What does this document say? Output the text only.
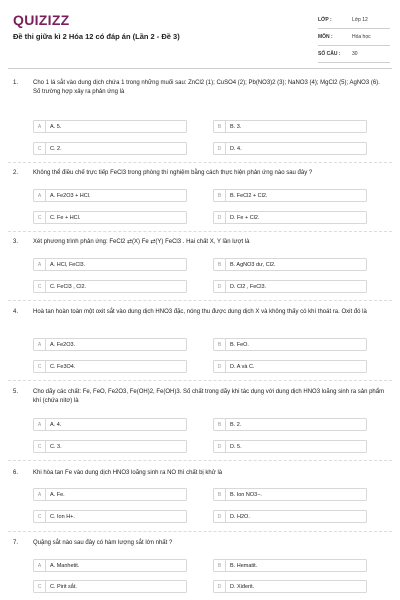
QUIZIZZ
Đề thi giữa kì 2 Hóa 12 có đáp án (Lần 2 - Đề 3)
LỚP :	Lớp 12
MÔN :	Hóa học
SỐ CÂU :	30
1. Cho 1 lá sắt vào dung dịch chứa 1 trong những muối sau: ZnCl2 (1); CuSO4 (2); Pb(NO3)2 (3); NaNO3 (4); MgCl2 (5); AgNO3 (6). Số trường hợp xảy ra phản ứng là
A	A. 5.	B	B. 3.
C	C. 2.	D	D. 4.
2. Không thể điều chế trực tiếp FeCl3 trong phòng thí nghiệm bằng cách thực hiện phản ứng nào sau đây ?
A	A. Fe2O3 + HCl.	B	B. FeCl2 + Cl2.
C	C. Fe + HCl.	D	D. Fe + Cl2.
3. Xét phương trình phản ứng: FeCl2 ⇄(X) Fe ⇄(Y) FeCl3 . Hai chất X, Y lần lượt là
A	A. HCl, FeCl3.	B	B. AgNO3 dư, Cl2.
C	C. FeCl3 , Cl2.	D	D. Cl2 , FeCl3.
4. Hoà tan hoàn toàn một oxit sắt vào dung dịch HNO3 đặc, nóng thu được dung dịch X và không thấy có khí thoát ra. Oxit đó là
A	A. Fe2O3.	B	B. FeO.
C	C. Fe3O4.	D	D. A và C.
5. Cho dãy các chất: Fe, FeO, Fe2O3, Fe(OH)2, Fe(OH)3. Số chất trong dãy khi tác dụng với dung dịch HNO3 loãng sinh ra sản phẩm khí (chứa nitơ) là
A	A. 4.	B	B. 2.
C	C. 3.	D	D. 5.
6. Khi hòa tan Fe vào dung dịch HNO3 loãng sinh ra NO thì chất bị khử là
A	A. Fe.	B	B. Ion NO3−.
C	C. Ion H+.	D	D. H2O.
7. Quặng sắt nào sau đây có hàm lượng sắt lớn nhất ?
A	A. Manhetit.	B	B. Hematit.
C	C. Pirit sắt.	D	D. Xiđerit.
